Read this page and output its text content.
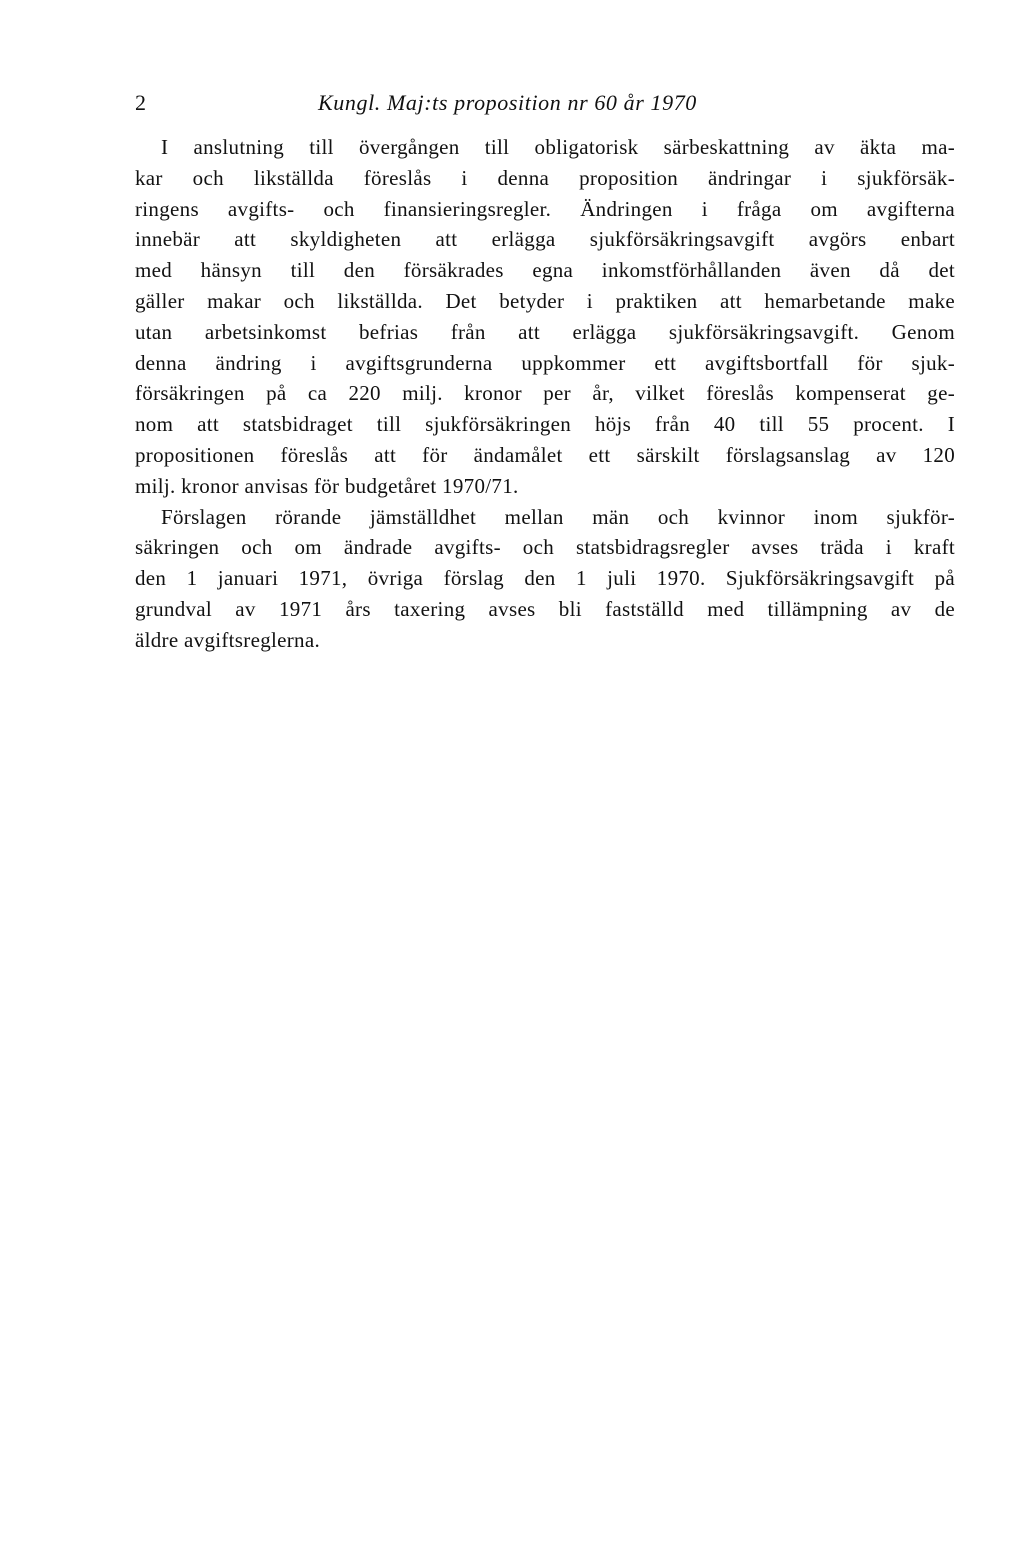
2	Kungl. Maj:ts proposition nr 60 år 1970
I anslutning till övergången till obligatorisk särbeskattning av äkta ma-
kar och likställda föreslås i denna proposition ändringar i sjukförsäk-
ringens avgifts- och finansieringsregler. Ändringen i fråga om avgifterna
innebär att skyldigheten att erlägga sjukförsäkringsavgift avgörs enbart
med hänsyn till den försäkrades egna inkomstförhållanden även då det
gäller makar och likställda. Det betyder i praktiken att hemarbetande make
utan arbetsinkomst befrias från att erlägga sjukförsäkringsavgift. Genom
denna ändring i avgiftsgrunderna uppkommer ett avgiftsbortfall för sjuk-
försäkringen på ca 220 milj. kronor per år, vilket föreslås kompenserat ge-
nom att statsbidraget till sjukförsäkringen höjs från 40 till 55 procent. I
propositionen föreslås att för ändamålet ett särskilt förslagsanslag av 120
milj. kronor anvisas för budgetåret 1970/71.
Förslagen rörande jämställdhet mellan män och kvinnor inom sjukför-
säkringen och om ändrade avgifts- och statsbidragsregler avses träda i kraft
den 1 januari 1971, övriga förslag den 1 juli 1970. Sjukförsäkringsavgift på
grundval av 1971 års taxering avses bli fastställd med tillämpning av de
äldre avgiftsreglerna.
